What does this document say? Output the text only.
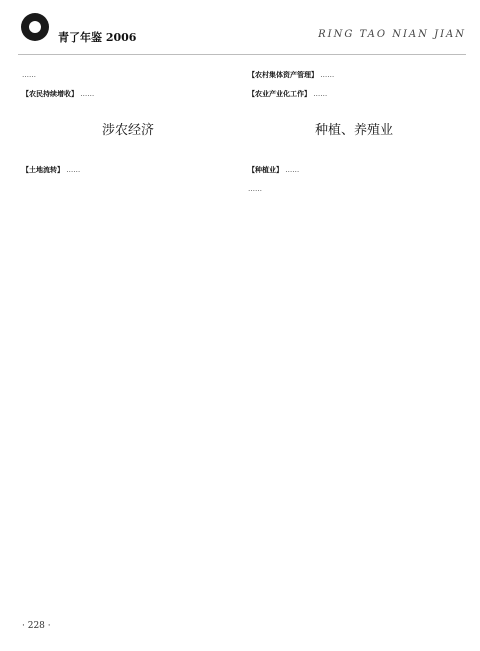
青了年鉴 2006	RING TAO NIAN JIAN

……

【农民持续增收】 ……

涉农经济

【土地流转】 ……

【农村集体资产管理】 ……

【农业产业化工作】 ……

种植、养殖业

【种植业】 ……

……

· 228 ·
